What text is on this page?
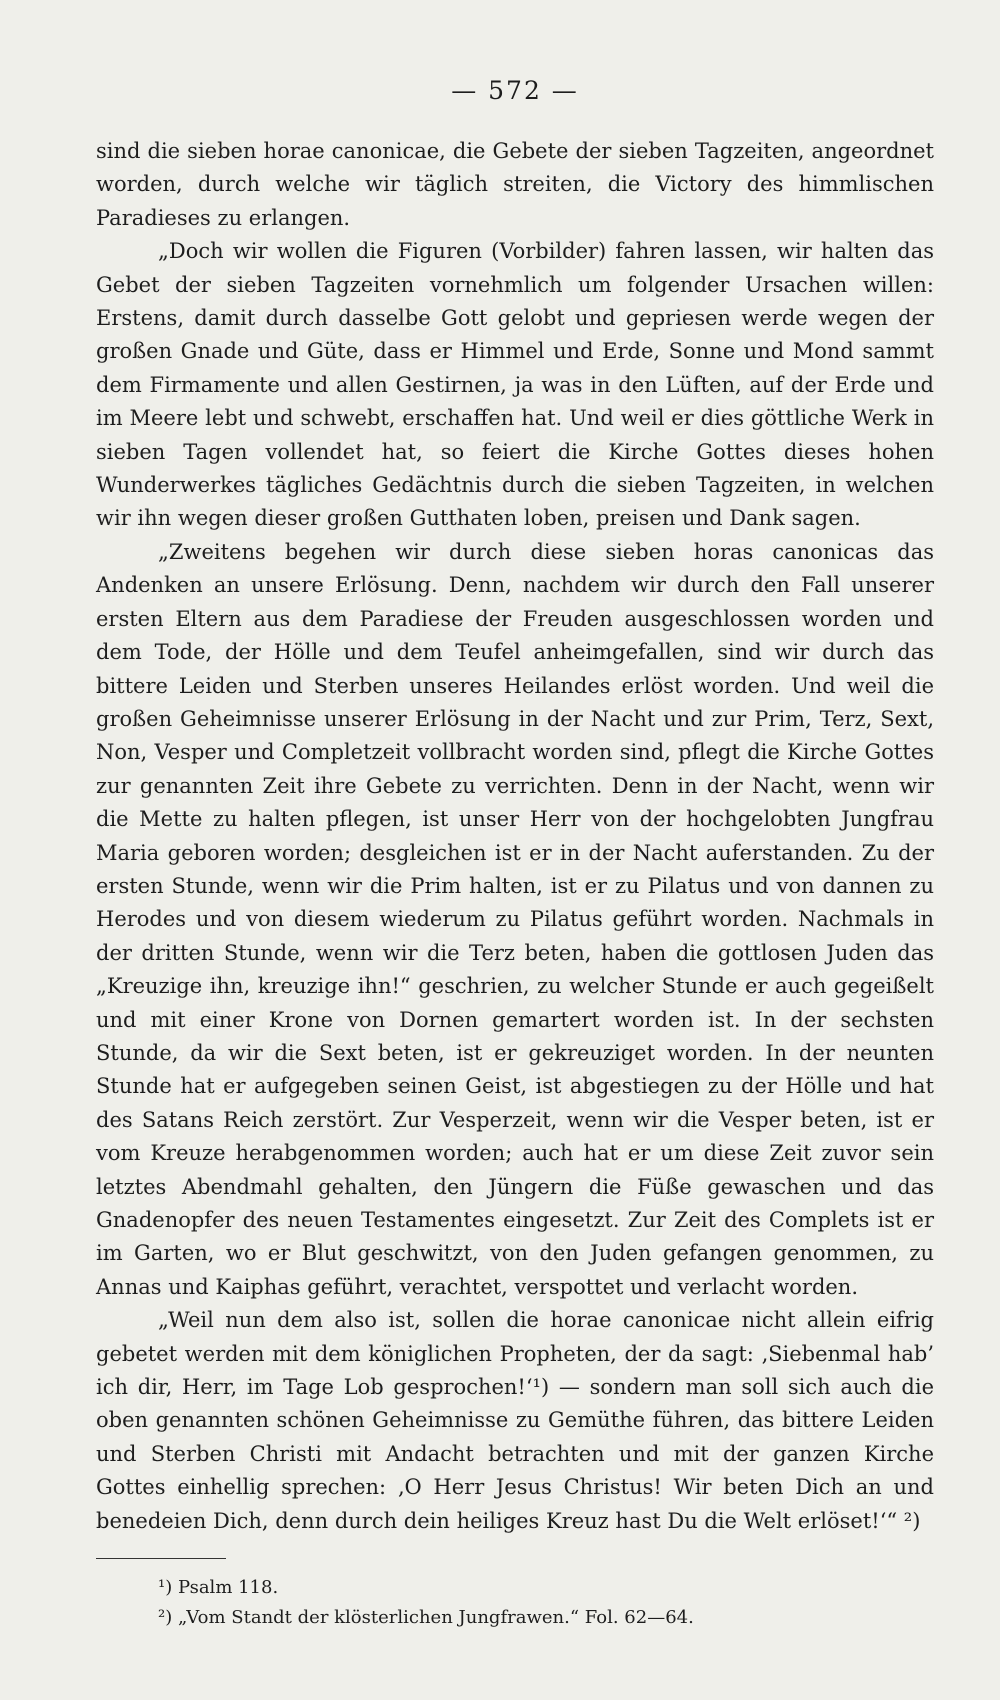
— 572 —

sind die sieben horae canonicae, die Gebete der sieben Tagzeiten, angeordnet worden, durch welche wir täglich streiten, die Victory des himmlischen Paradieses zu erlangen.

„Doch wir wollen die Figuren (Vorbilder) fahren lassen, wir halten das Gebet der sieben Tagzeiten vornehmlich um folgender Ursachen willen: Erstens, damit durch dasselbe Gott gelobt und gepriesen werde wegen der großen Gnade und Güte, dass er Himmel und Erde, Sonne und Mond sammt dem Firmamente und allen Gestirnen, ja was in den Lüften, auf der Erde und im Meere lebt und schwebt, erschaffen hat. Und weil er dies göttliche Werk in sieben Tagen vollendet hat, so feiert die Kirche Gottes dieses hohen Wunderwerkes tägliches Gedächtnis durch die sieben Tagzeiten, in welchen wir ihn wegen dieser großen Gutthaten loben, preisen und Dank sagen.

„Zweitens begehen wir durch diese sieben horas canonicas das Andenken an unsere Erlösung. Denn, nachdem wir durch den Fall unserer ersten Eltern aus dem Paradiese der Freuden ausgeschlossen worden und dem Tode, der Hölle und dem Teufel anheimgefallen, sind wir durch das bittere Leiden und Sterben unseres Heilandes erlöst worden. Und weil die großen Geheimnisse unserer Erlösung in der Nacht und zur Prim, Terz, Sext, Non, Vesper und Completzeit vollbracht worden sind, pflegt die Kirche Gottes zur genannten Zeit ihre Gebete zu verrichten. Denn in der Nacht, wenn wir die Mette zu halten pflegen, ist unser Herr von der hochgelobten Jungfrau Maria geboren worden; desgleichen ist er in der Nacht auferstanden. Zu der ersten Stunde, wenn wir die Prim halten, ist er zu Pilatus und von dannen zu Herodes und von diesem wiederum zu Pilatus geführt worden. Nachmals in der dritten Stunde, wenn wir die Terz beten, haben die gottlosen Juden das „Kreuzige ihn, kreuzige ihn!“ geschrien, zu welcher Stunde er auch gegeißelt und mit einer Krone von Dornen gemartert worden ist. In der sechsten Stunde, da wir die Sext beten, ist er gekreuziget worden. In der neunten Stunde hat er aufgegeben seinen Geist, ist abgestiegen zu der Hölle und hat des Satans Reich zerstört. Zur Vesperzeit, wenn wir die Vesper beten, ist er vom Kreuze herabgenommen worden; auch hat er um diese Zeit zuvor sein letztes Abendmahl gehalten, den Jüngern die Füße gewaschen und das Gnadenopfer des neuen Testamentes eingesetzt. Zur Zeit des Complets ist er im Garten, wo er Blut geschwitzt, von den Juden gefangen genommen, zu Annas und Kaiphas geführt, verachtet, verspottet und verlacht worden.

„Weil nun dem also ist, sollen die horae canonicae nicht allein eifrig gebetet werden mit dem königlichen Propheten, der da sagt: ‚Siebenmal hab’ ich dir, Herr, im Tage Lob gesprochen!‘¹) — sondern man soll sich auch die oben genannten schönen Geheimnisse zu Gemüthe führen, das bittere Leiden und Sterben Christi mit Andacht betrachten und mit der ganzen Kirche Gottes einhellig sprechen: ‚O Herr Jesus Christus! Wir beten Dich an und benedeien Dich, denn durch dein heiliges Kreuz hast Du die Welt erlöset!‘“ ²)

¹) Psalm 118.

²) „Vom Standt der klösterlichen Jungfrawen.“ Fol. 62—64.
